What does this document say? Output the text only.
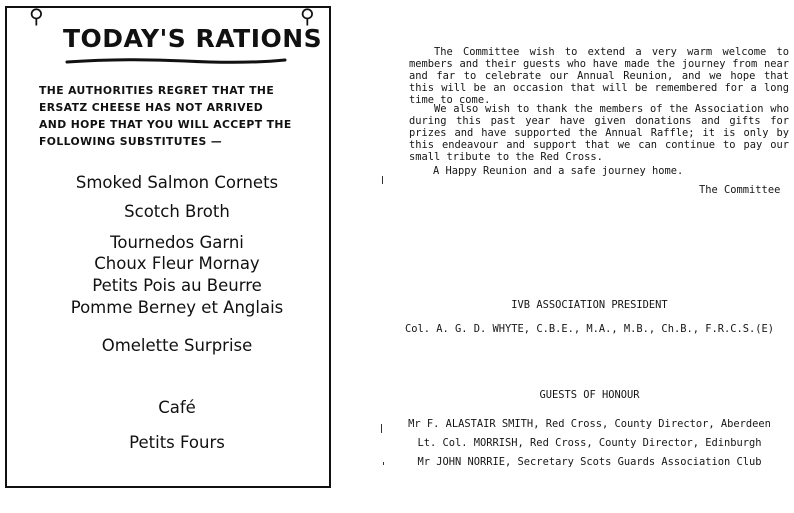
⚲	⚲
TODAY'S RATIONS
THE AUTHORITIES REGRET THAT THE
ERSATZ CHEESE HAS NOT ARRIVED
AND HOPE THAT YOU WILL ACCEPT THE
FOLLOWING SUBSTITUTES —
Smoked Salmon Cornets
Scotch Broth
Tournedos Garni
Choux Fleur Mornay
Petits Pois au Beurre
Pomme Berney et Anglais
Omelette Surprise
Café
Petits Fours
The Committee wish to extend a very warm welcome to members and their guests who have made the journey from near and far to celebrate our Annual Reunion, and we hope that this will be an occasion that will be remembered for a long time to come.
We also wish to thank the members of the Association who during this past year have given donations and gifts for prizes and have supported the Annual Raffle; it is only by this endeavour and support that we can continue to pay our small tribute to the Red Cross.
A Happy Reunion and a safe journey home.
The Committee
IVB ASSOCIATION PRESIDENT
Col. A. G. D. WHYTE, C.B.E., M.A., M.B., Ch.B., F.R.C.S.(E)
GUESTS OF HONOUR
Mr F. ALASTAIR SMITH, Red Cross, County Director, Aberdeen
Lt. Col. MORRISH, Red Cross, County Director, Edinburgh
Mr JOHN NORRIE, Secretary Scots Guards Association Club
